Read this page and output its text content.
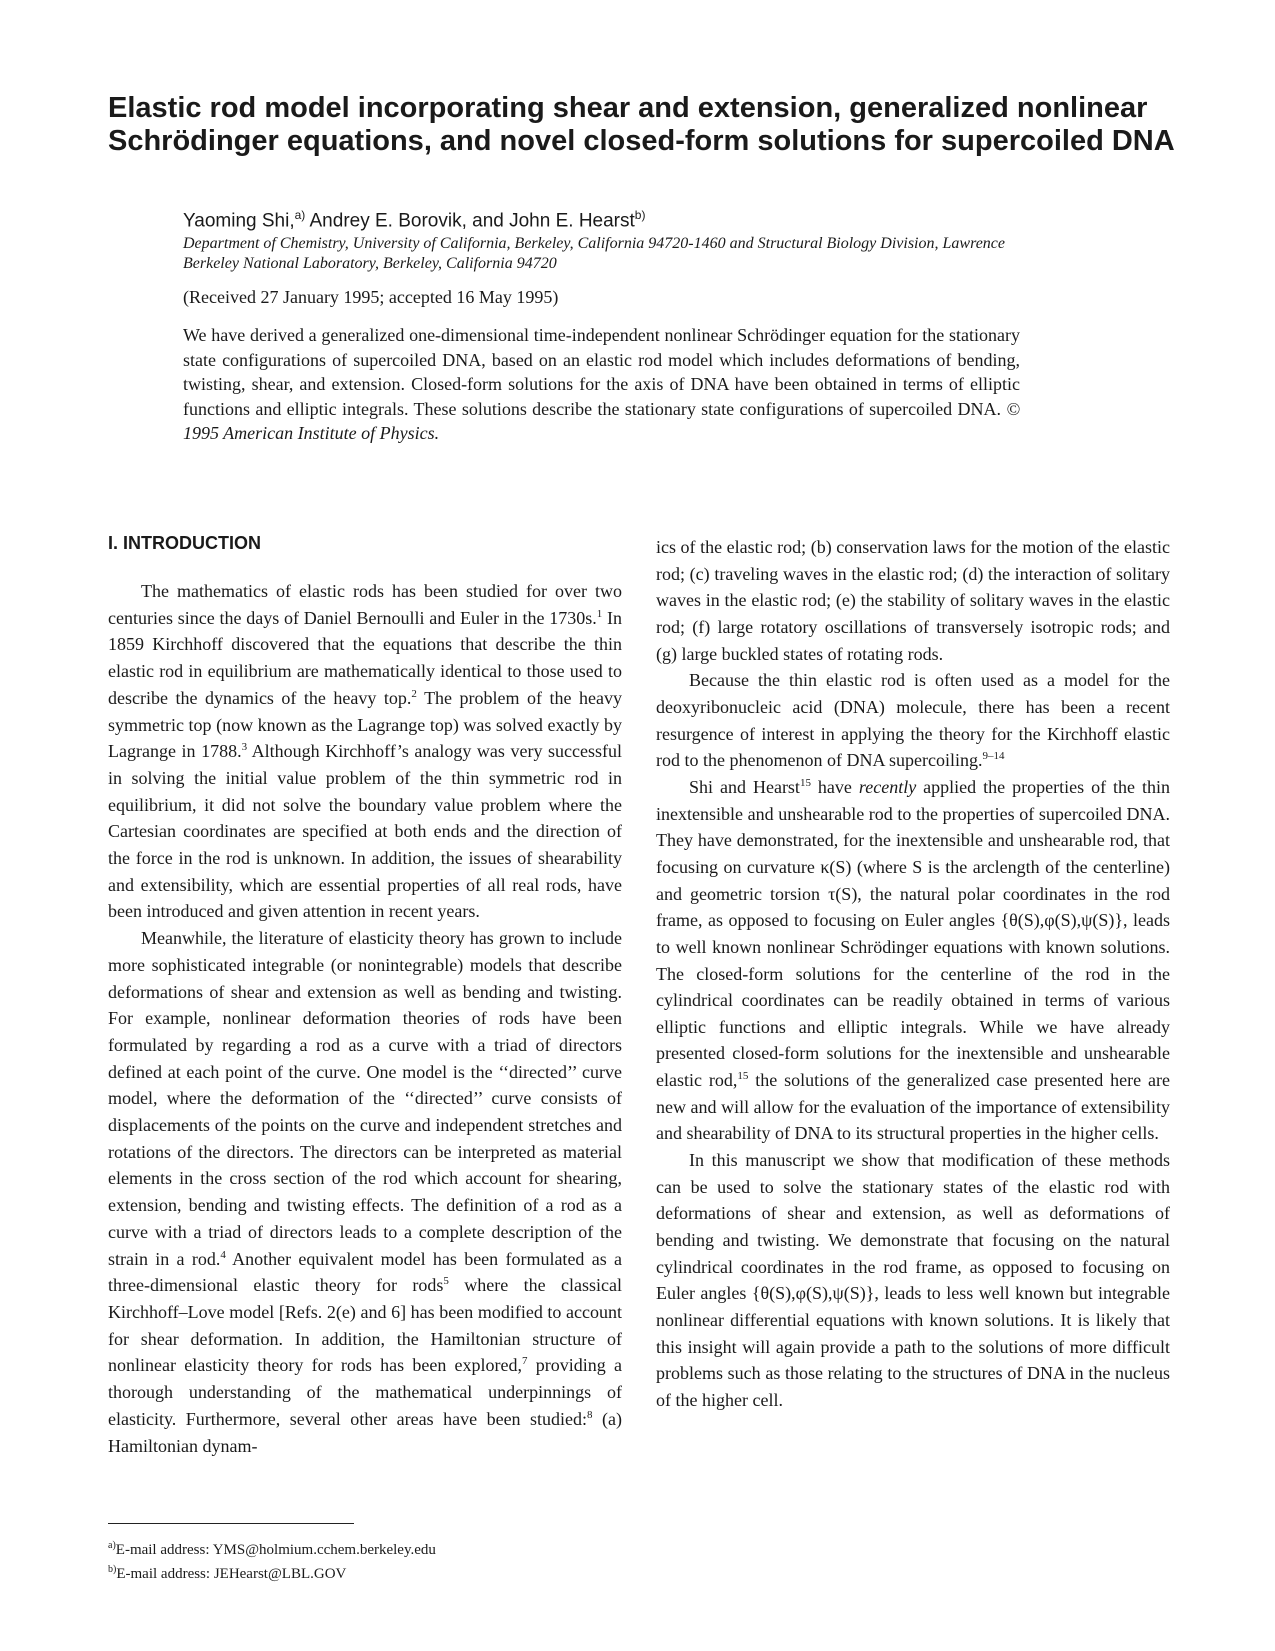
Elastic rod model incorporating shear and extension, generalized nonlinear Schrödinger equations, and novel closed-form solutions for supercoiled DNA
Yaoming Shi,$^{a)}$ Andrey E. Borovik, and John E. Hearst$^{b)}$
Department of Chemistry, University of California, Berkeley, California 94720-1460 and Structural Biology Division, Lawrence Berkeley National Laboratory, Berkeley, California 94720
(Received 27 January 1995; accepted 16 May 1995)

We have derived a generalized one-dimensional time-independent nonlinear Schrödinger equation for the stationary state configurations of supercoiled DNA, based on an elastic rod model which includes deformations of bending, twisting, shear, and extension. Closed-form solutions for the axis of DNA have been obtained in terms of elliptic functions and elliptic integrals. These solutions describe the stationary state configurations of supercoiled DNA. © 1995 American Institute of Physics.

I. INTRODUCTION

The mathematics of elastic rods has been studied for over two centuries since the days of Daniel Bernoulli and Euler in the 1730s.$^1$ In 1859 Kirchhoff discovered that the equations that describe the thin elastic rod in equilibrium are mathematically identical to those used to describe the dynamics of the heavy top.$^2$ The problem of the heavy symmetric top (now known as the Lagrange top) was solved exactly by Lagrange in 1788.$^3$ Although Kirchhoff’s analogy was very successful in solving the initial value problem of the thin symmetric rod in equilibrium, it did not solve the boundary value problem where the Cartesian coordinates are specified at both ends and the direction of the force in the rod is unknown. In addition, the issues of shearability and extensibility, which are essential properties of all real rods, have been introduced and given attention in recent years.

Meanwhile, the literature of elasticity theory has grown to include more sophisticated integrable (or nonintegrable) models that describe deformations of shear and extension as well as bending and twisting. For example, nonlinear deformation theories of rods have been formulated by regarding a rod as a curve with a triad of directors defined at each point of the curve. One model is the ‘‘directed’’ curve model, where the deformation of the ‘‘directed’’ curve consists of displacements of the points on the curve and independent stretches and rotations of the directors. The directors can be interpreted as material elements in the cross section of the rod which account for shearing, extension, bending and twisting effects. The definition of a rod as a curve with a triad of directors leads to a complete description of the strain in a rod.$^4$ Another equivalent model has been formulated as a three-dimensional elastic theory for rods$^5$ where the classical Kirchhoff–Love model [Refs. 2(e) and 6] has been modified to account for shear deformation. In addition, the Hamiltonian structure of nonlinear elasticity theory for rods has been explored,$^7$ providing a thorough understanding of the mathematical underpinnings of elasticity. Furthermore, several other areas have been studied:$^8$ (a) Hamiltonian dynam-

ics of the elastic rod; (b) conservation laws for the motion of the elastic rod; (c) traveling waves in the elastic rod; (d) the interaction of solitary waves in the elastic rod; (e) the stability of solitary waves in the elastic rod; (f) large rotatory oscillations of transversely isotropic rods; and (g) large buckled states of rotating rods.

Because the thin elastic rod is often used as a model for the deoxyribonucleic acid (DNA) molecule, there has been a recent resurgence of interest in applying the theory for the Kirchhoff elastic rod to the phenomenon of DNA supercoiling.$^{9-14}$

Shi and Hearst$^{15}$ have recently applied the properties of the thin inextensible and unshearable rod to the properties of supercoiled DNA. They have demonstrated, for the inextensible and unshearable rod, that focusing on curvature κ(S) (where S is the arclength of the centerline) and geometric torsion τ(S), the natural polar coordinates in the rod frame, as opposed to focusing on Euler angles {θ(S),φ(S),ψ(S)}, leads to well known nonlinear Schrödinger equations with known solutions. The closed-form solutions for the centerline of the rod in the cylindrical coordinates can be readily obtained in terms of various elliptic functions and elliptic integrals. While we have already presented closed-form solutions for the inextensible and unshearable elastic rod,$^{15}$ the solutions of the generalized case presented here are new and will allow for the evaluation of the importance of extensibility and shearability of DNA to its structural properties in the higher cells.

In this manuscript we show that modification of these methods can be used to solve the stationary states of the elastic rod with deformations of shear and extension, as well as deformations of bending and twisting. We demonstrate that focusing on the natural cylindrical coordinates in the rod frame, as opposed to focusing on Euler angles {θ(S),φ(S),ψ(S)}, leads to less well known but integrable nonlinear differential equations with known solutions. It is likely that this insight will again provide a path to the solutions of more difficult problems such as those relating to the structures of DNA in the nucleus of the higher cell.

$^{a)}$E-mail address: YMS@holmium.cchem.berkeley.edu
$^{b)}$E-mail address: JEHearst@LBL.GOV
